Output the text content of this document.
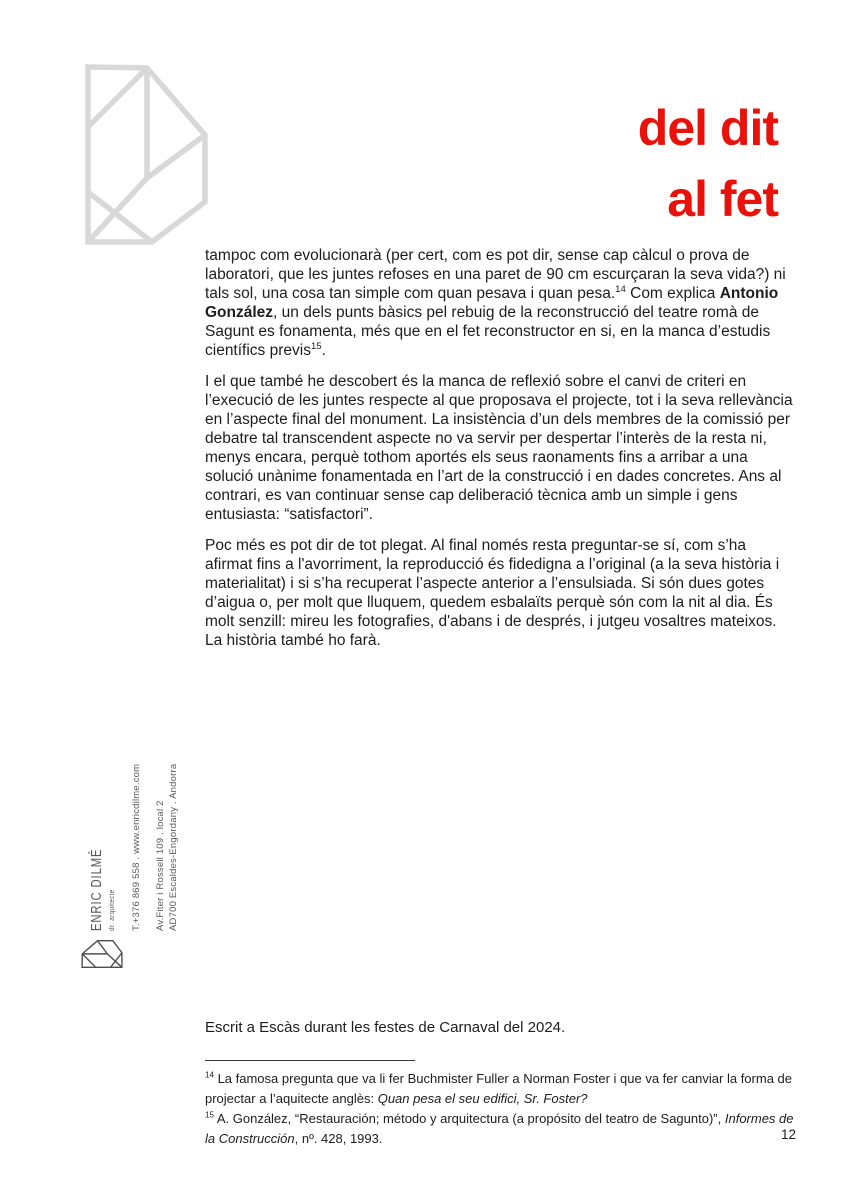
del dit
al fet

tampoc com evolucionarà (per cert, com es pot dir, sense cap càlcul o prova de laboratori, que les juntes refoses en una paret de 90 cm escurçaran la seva vida?) ni tals sol, una cosa tan simple com quan pesava i quan pesa.$^{14}$ Com explica Antonio González, un dels punts bàsics pel rebuig de la reconstrucció del teatre romà de Sagunt es fonamenta, més que en el fet reconstructor en si, en la manca d’estudis científics previs$^{15}$.

I el que també he descobert és la manca de reflexió sobre el canvi de criteri en l’execució de les juntes respecte al que proposava el projecte, tot i la seva rellevància en l’aspecte final del monument. La insistència d’un dels membres de la comissió per debatre tal transcendent aspecte no va servir per despertar l’interès de la resta ni, menys encara, perquè tothom aportés els seus raonaments fins a arribar a una solució unànime fonamentada en l’art de la construcció i en dades concretes. Ans al contrari, es van continuar sense cap deliberació tècnica amb un simple i gens entusiasta: “satisfactori”.

Poc més es pot dir de tot plegat. Al final només resta preguntar-se sí, com s’ha afirmat fins a l'avorriment, la reproducció és fidedigna a l’original (a la seva història i materialitat) i si s’ha recuperat l’aspecte anterior a l’ensulsiada. Si són dues gotes d’aigua o, per molt que lluquem, quedem esbalaïts perquè són com la nit al dia. És molt senzill: mireu les fotografies, d'abans i de després, i jutgeu vosaltres mateixos. La història també ho farà.

ENRIC DILMÉ dr. arquitecte T.+376 869 558 . www.enricdilme.com Av.Fiter i Rossell 109 . local 2 AD700 Escaldes-Engordany . Andorra
Escrit a Escàs durant les festes de Carnaval del 2024.

$^{14}$ La famosa pregunta que va li fer Buchmister Fuller a Norman Foster i que va fer canviar la forma de projectar a l’aquitecte anglès: Quan pesa el seu edifici, Sr. Foster?

$^{15}$ A. González, “Restauración; método y arquitectura (a propósito del teatro de Sagunto)”, Informes de la Construcción, nº. 428, 1993.	12
